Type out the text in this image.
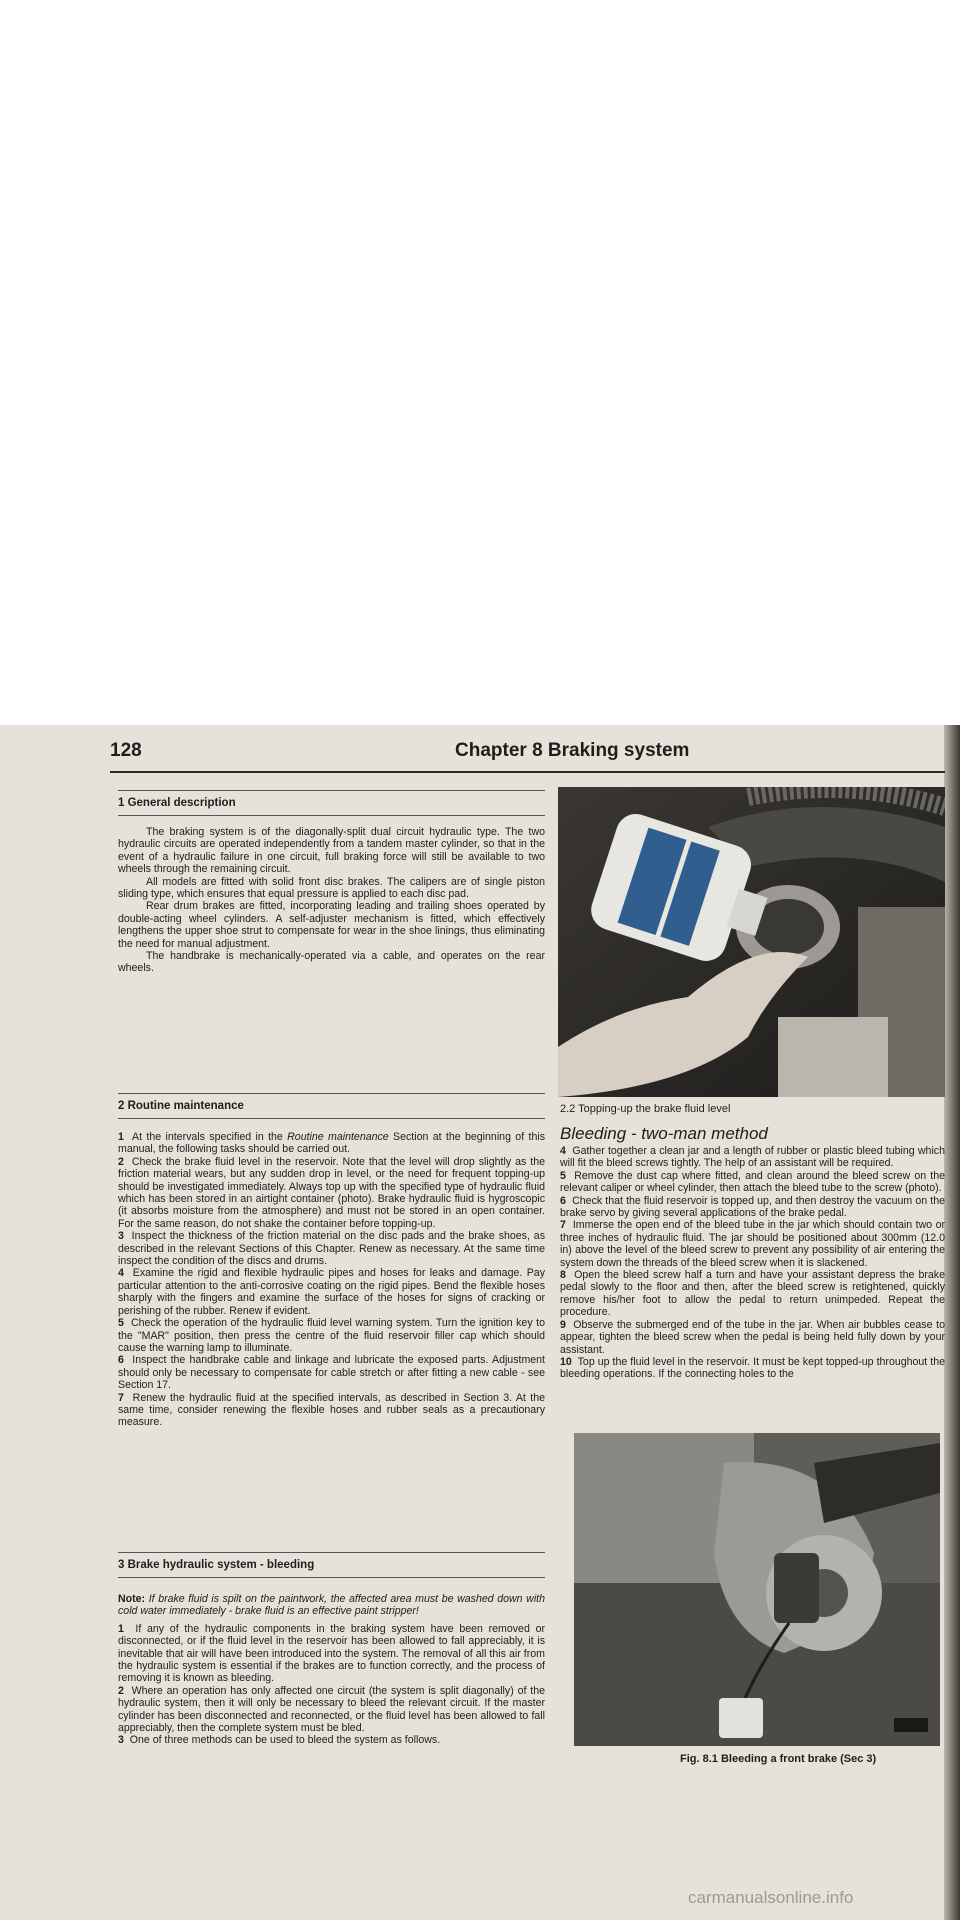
128	Chapter 8 Braking system
1 General description

The braking system is of the diagonally-split dual circuit hydraulic type. The two hydraulic circuits are operated independently from a tandem master cylinder, so that in the event of a hydraulic failure in one circuit, full braking force will still be available to two wheels through the remaining circuit.

All models are fitted with solid front disc brakes. The calipers are of single piston sliding type, which ensures that equal pressure is applied to each disc pad.

Rear drum brakes are fitted, incorporating leading and trailing shoes operated by double-acting wheel cylinders. A self-adjuster mechanism is fitted, which effectively lengthens the upper shoe strut to compensate for wear in the shoe linings, thus eliminating the need for manual adjustment.

The handbrake is mechanically-operated via a cable, and operates on the rear wheels.

2 Routine maintenance

1 At the intervals specified in the Routine maintenance Section at the beginning of this manual, the following tasks should be carried out.

2 Check the brake fluid level in the reservoir. Note that the level will drop slightly as the friction material wears, but any sudden drop in level, or the need for frequent topping-up should be investigated immediately. Always top up with the specified type of hydraulic fluid which has been stored in an airtight container (photo). Brake hydraulic fluid is hygroscopic (it absorbs moisture from the atmosphere) and must not be stored in an open container. For the same reason, do not shake the container before topping-up.

3 Inspect the thickness of the friction material on the disc pads and the brake shoes, as described in the relevant Sections of this Chapter. Renew as necessary. At the same time inspect the condition of the discs and drums.

4 Examine the rigid and flexible hydraulic pipes and hoses for leaks and damage. Pay particular attention to the anti-corrosive coating on the rigid pipes. Bend the flexible hoses sharply with the fingers and examine the surface of the hoses for signs of cracking or perishing of the rubber. Renew if evident.

5 Check the operation of the hydraulic fluid level warning system. Turn the ignition key to the "MAR" position, then press the centre of the fluid reservoir filler cap which should cause the warning lamp to illuminate.

6 Inspect the handbrake cable and linkage and lubricate the exposed parts. Adjustment should only be necessary to compensate for cable stretch or after fitting a new cable - see Section 17.

7 Renew the hydraulic fluid at the specified intervals, as described in Section 3. At the same time, consider renewing the flexible hoses and rubber seals as a precautionary measure.

3 Brake hydraulic system - bleeding

Note: If brake fluid is spilt on the paintwork, the affected area must be washed down with cold water immediately - brake fluid is an effective paint stripper!

1 If any of the hydraulic components in the braking system have been removed or disconnected, or if the fluid level in the reservoir has been allowed to fall appreciably, it is inevitable that air will have been introduced into the system. The removal of all this air from the hydraulic system is essential if the brakes are to function correctly, and the process of removing it is known as bleeding.

2 Where an operation has only affected one circuit (the system is split diagonally) of the hydraulic system, then it will only be necessary to bleed the relevant circuit. If the master cylinder has been disconnected and reconnected, or the fluid level has been allowed to fall appreciably, then the complete system must be bled.

3 One of three methods can be used to bleed the system as follows.

2.2 Topping-up the brake fluid level
Bleeding - two-man method

4 Gather together a clean jar and a length of rubber or plastic bleed tubing which will fit the bleed screws tightly. The help of an assistant will be required.

5 Remove the dust cap where fitted, and clean around the bleed screw on the relevant caliper or wheel cylinder, then attach the bleed tube to the screw (photo).

6 Check that the fluid reservoir is topped up, and then destroy the vacuum on the brake servo by giving several applications of the brake pedal.

7 Immerse the open end of the bleed tube in the jar which should contain two or three inches of hydraulic fluid. The jar should be positioned about 300mm (12.0 in) above the level of the bleed screw to prevent any possibility of air entering the system down the threads of the bleed screw when it is slackened.

8 Open the bleed screw half a turn and have your assistant depress the brake pedal slowly to the floor and then, after the bleed screw is retightened, quickly remove his/her foot to allow the pedal to return unimpeded. Repeat the procedure.

9 Observe the submerged end of the tube in the jar. When air bubbles cease to appear, tighten the bleed screw when the pedal is being held fully down by your assistant.

10 Top up the fluid level in the reservoir. It must be kept topped-up throughout the bleeding operations. If the connecting holes to the

Fig. 8.1 Bleeding a front brake (Sec 3)
carmanualsonline.info
